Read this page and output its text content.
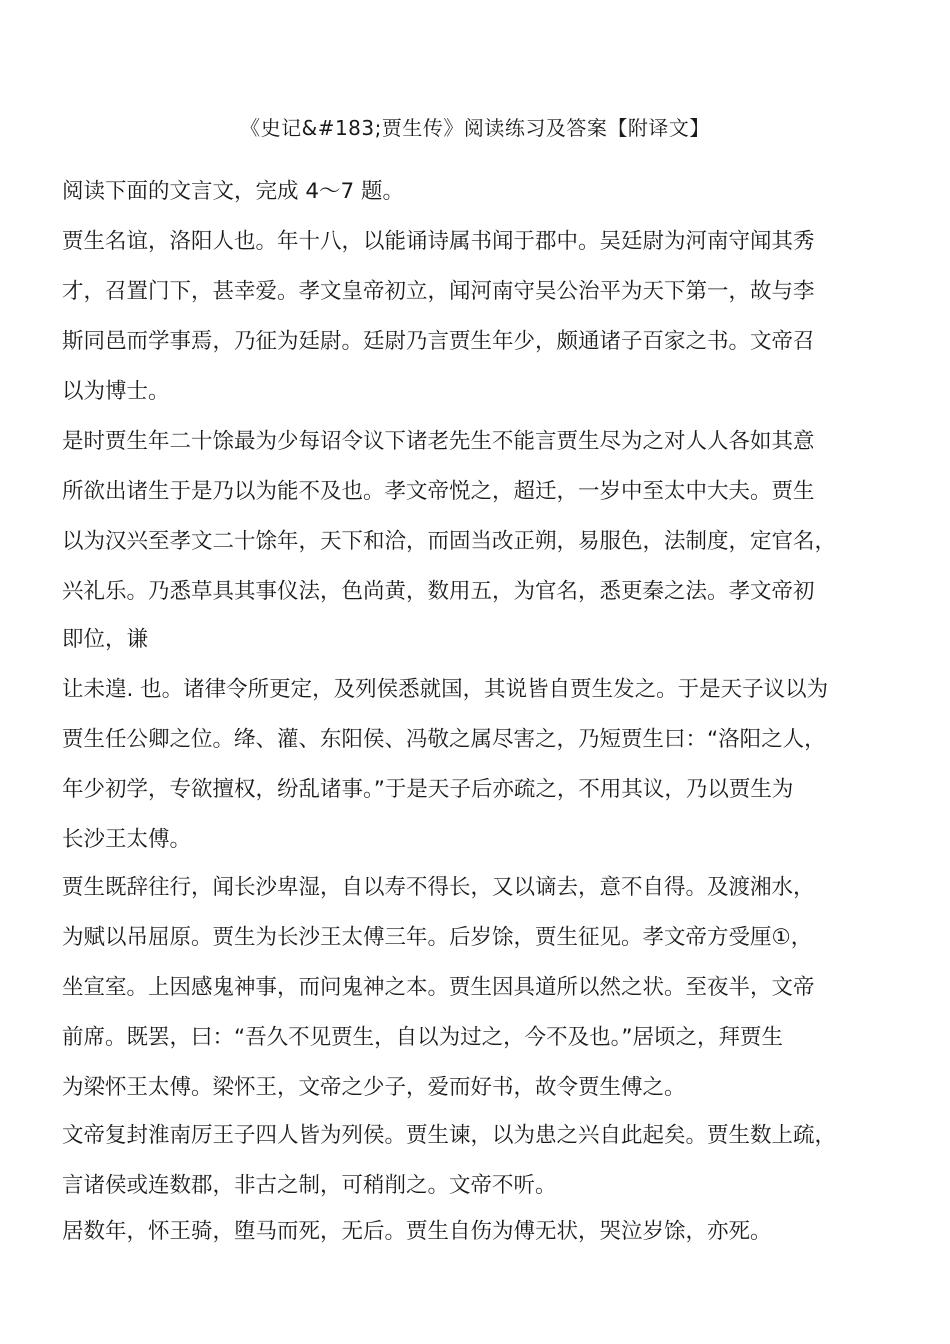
《史记&#183;贾生传》阅读练习及答案【附译文】
阅读下面的文言文，完成 4～7 题。
贾生名谊，洛阳人也。年十八，以能诵诗属书闻于郡中。吴廷尉为河南守闻其秀
才，召置门下，甚幸爱。孝文皇帝初立，闻河南守吴公治平为天下第一，故与李
斯同邑而学事焉，乃征为廷尉。廷尉乃言贾生年少，颇通诸子百家之书。文帝召
以为博士。
是时贾生年二十馀最为少每诏令议下诸老先生不能言贾生尽为之对人人各如其意
所欲出诸生于是乃以为能不及也。孝文帝悦之，超迁，一岁中至太中大夫。贾生
以为汉兴至孝文二十馀年，天下和洽，而固当改正朔，易服色，法制度，定官名，
兴礼乐。乃悉草具其事仪法，色尚黄，数用五，为官名，悉更秦之法。孝文帝初
即位，谦
让未遑. 也。诸律令所更定，及列侯悉就国，其说皆自贾生发之。于是天子议以为
贾生任公卿之位。绛、灌、东阳侯、冯敬之属尽害之，乃短贾生曰：“洛阳之人，
年少初学，专欲擅权，纷乱诸事。”于是天子后亦疏之，不用其议，乃以贾生为
长沙王太傅。
贾生既辞往行，闻长沙卑湿，自以寿不得长，又以谪去，意不自得。及渡湘水，
为赋以吊屈原。贾生为长沙王太傅三年。后岁馀，贾生征见。孝文帝方受厘①，
坐宣室。上因感鬼神事，而问鬼神之本。贾生因具道所以然之状。至夜半，文帝
前席。既罢，曰：“吾久不见贾生，自以为过之，今不及也。”居顷之，拜贾生
为梁怀王太傅。梁怀王，文帝之少子，爱而好书，故令贾生傅之。
文帝复封淮南厉王子四人皆为列侯。贾生谏，以为患之兴自此起矣。贾生数上疏，
言诸侯或连数郡，非古之制，可稍削之。文帝不听。
居数年，怀王骑，堕马而死，无后。贾生自伤为傅无状，哭泣岁馀，亦死。
